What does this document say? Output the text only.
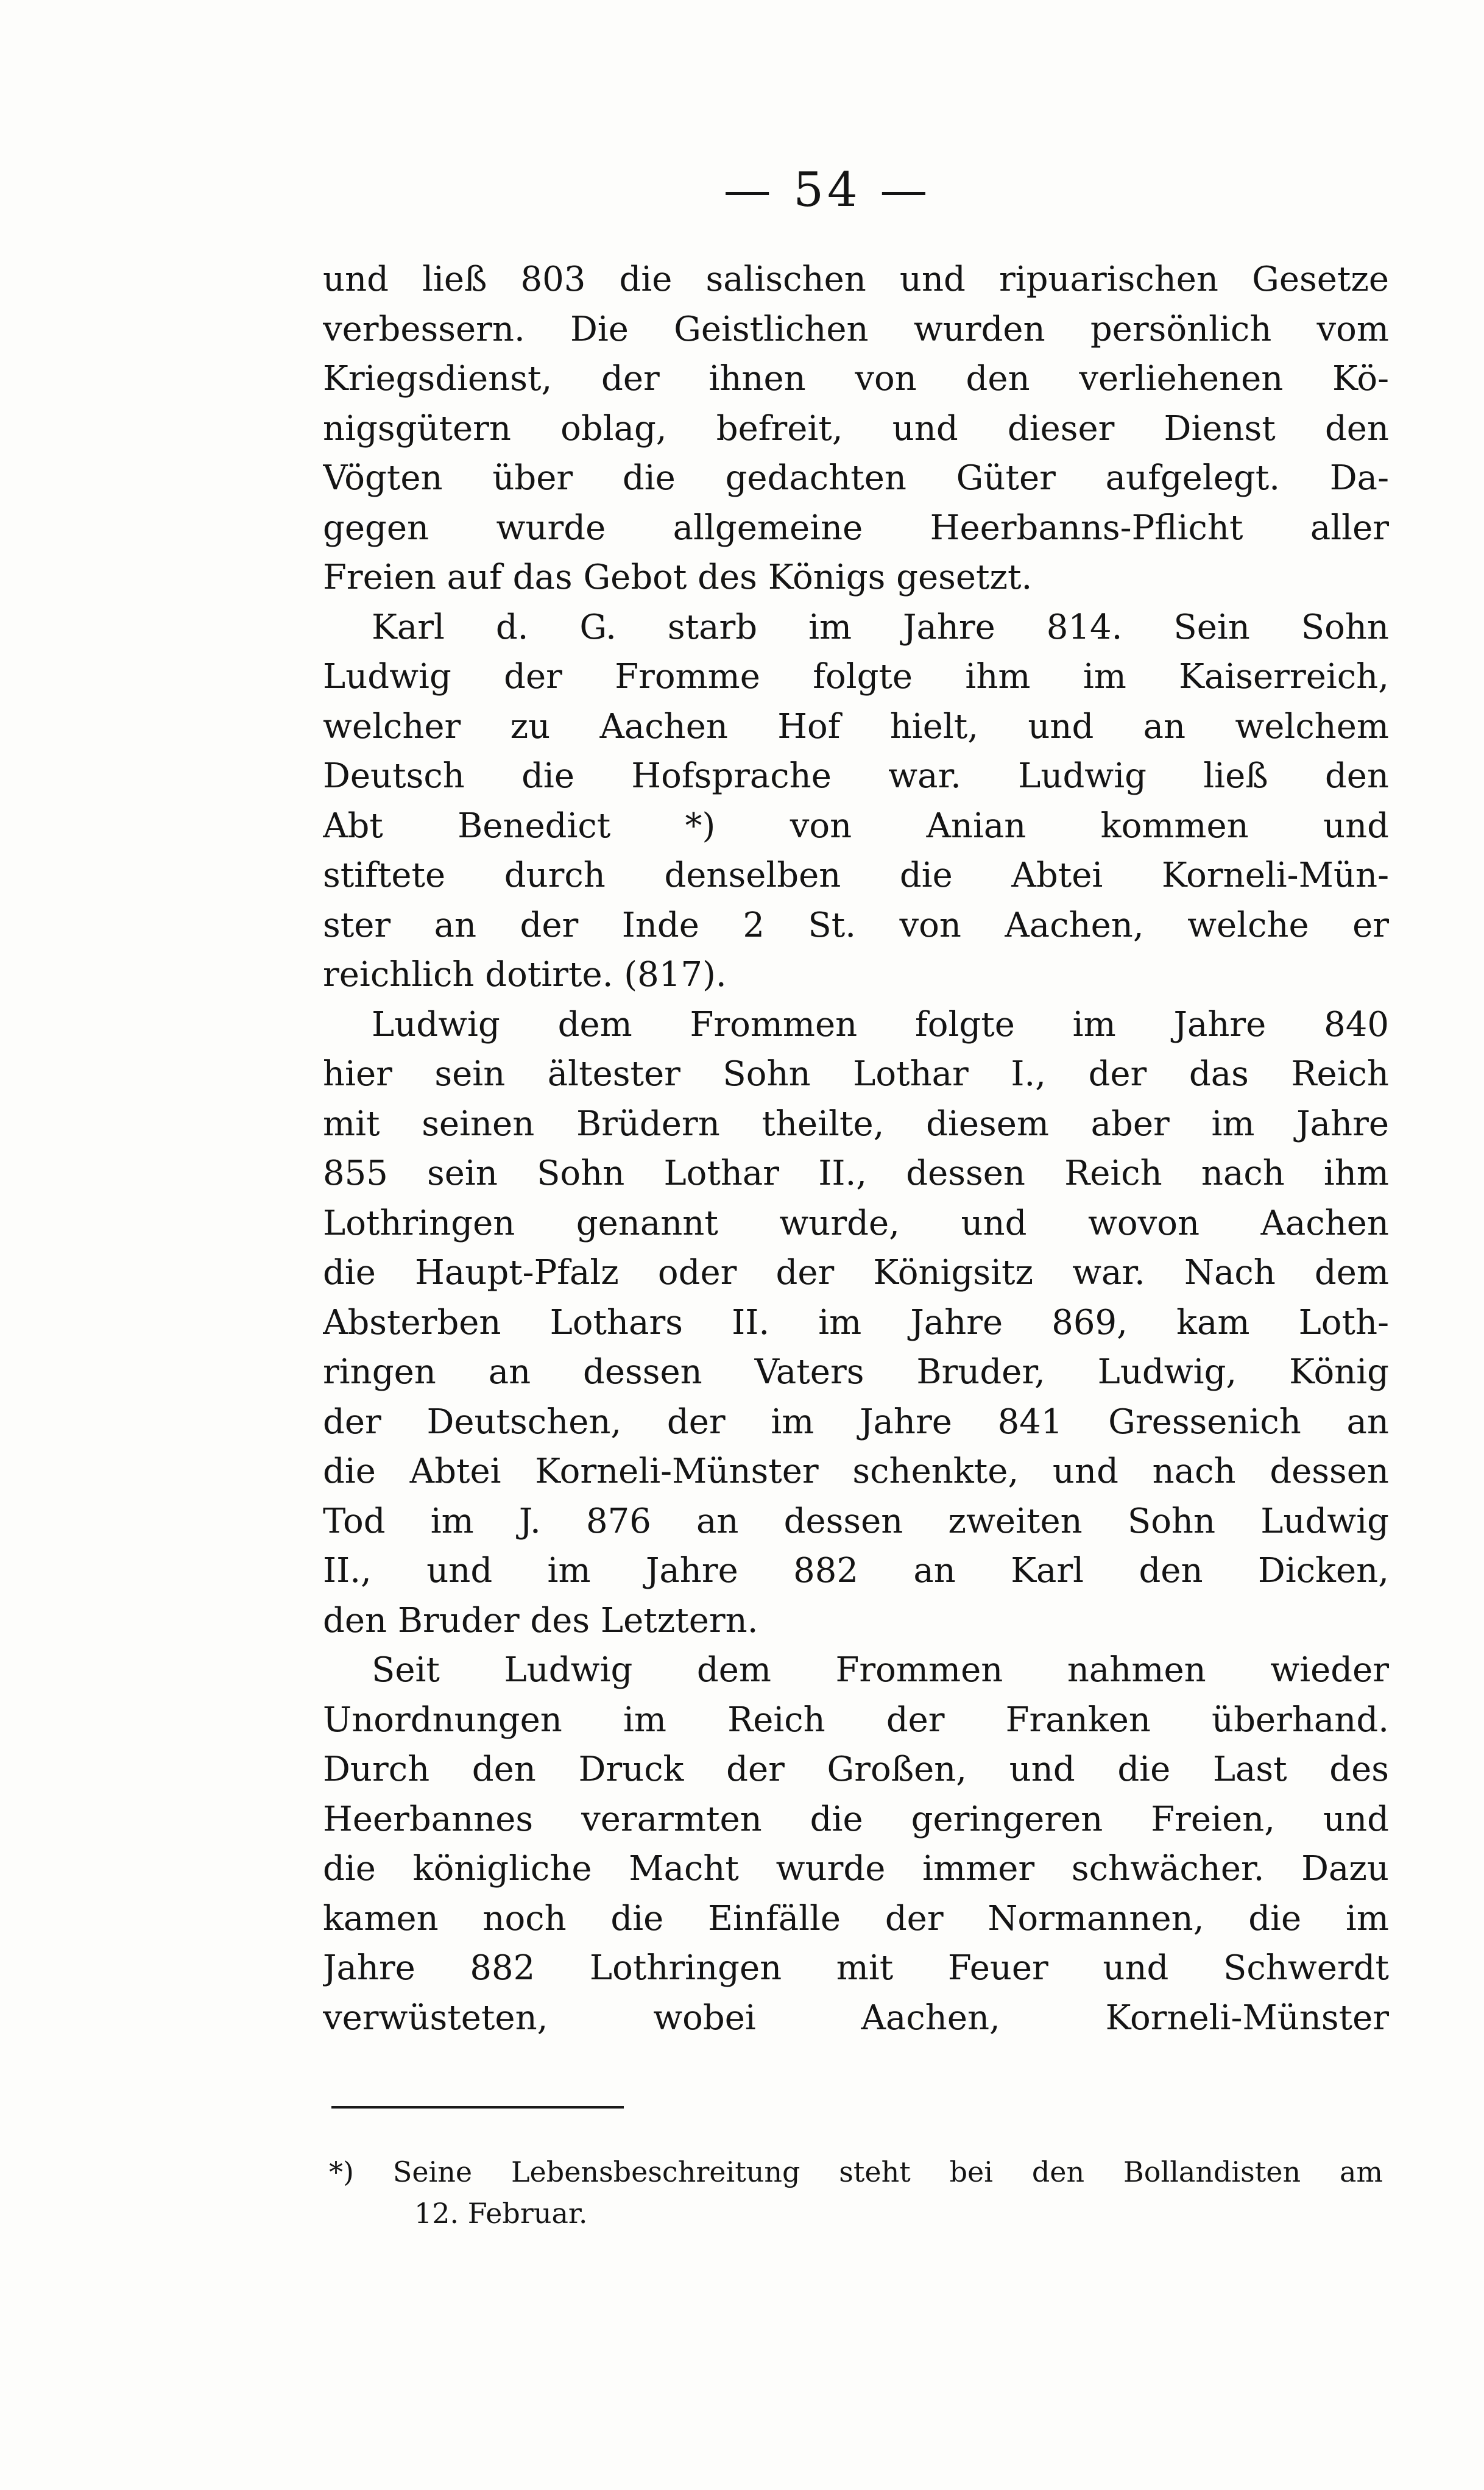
— 54 —
und ließ 803 die salischen und ripuarischen Gesetze
verbessern. Die Geistlichen wurden persönlich vom
Kriegsdienst, der ihnen von den verliehenen Kö-
nigsgütern oblag, befreit, und dieser Dienst den
Vögten über die gedachten Güter aufgelegt. Da-
gegen wurde allgemeine Heerbanns-Pflicht aller
Freien auf das Gebot des Königs gesetzt.
Karl d. G. starb im Jahre 814. Sein Sohn
Ludwig der Fromme folgte ihm im Kaiserreich,
welcher zu Aachen Hof hielt, und an welchem
Deutsch die Hofsprache war. Ludwig ließ den
Abt Benedict *) von Anian kommen und
stiftete durch denselben die Abtei Korneli-Mün-
ster an der Inde 2 St. von Aachen, welche er
reichlich dotirte. (817).
Ludwig dem Frommen folgte im Jahre 840
hier sein ältester Sohn Lothar I., der das Reich
mit seinen Brüdern theilte, diesem aber im Jahre
855 sein Sohn Lothar II., dessen Reich nach ihm
Lothringen genannt wurde, und wovon Aachen
die Haupt-Pfalz oder der Königsitz war. Nach dem
Absterben Lothars II. im Jahre 869, kam Loth-
ringen an dessen Vaters Bruder, Ludwig, König
der Deutschen, der im Jahre 841 Gressenich an
die Abtei Korneli-Münster schenkte, und nach dessen
Tod im J. 876 an dessen zweiten Sohn Ludwig
II., und im Jahre 882 an Karl den Dicken,
den Bruder des Letztern.
Seit Ludwig dem Frommen nahmen wieder
Unordnungen im Reich der Franken überhand.
Durch den Druck der Großen, und die Last des
Heerbannes verarmten die geringeren Freien, und
die königliche Macht wurde immer schwächer. Dazu
kamen noch die Einfälle der Normannen, die im
Jahre 882 Lothringen mit Feuer und Schwerdt
verwüsteten, wobei Aachen, Korneli-Münster
*) Seine Lebensbeschreitung steht bei den Bollandisten am
12. Februar.
